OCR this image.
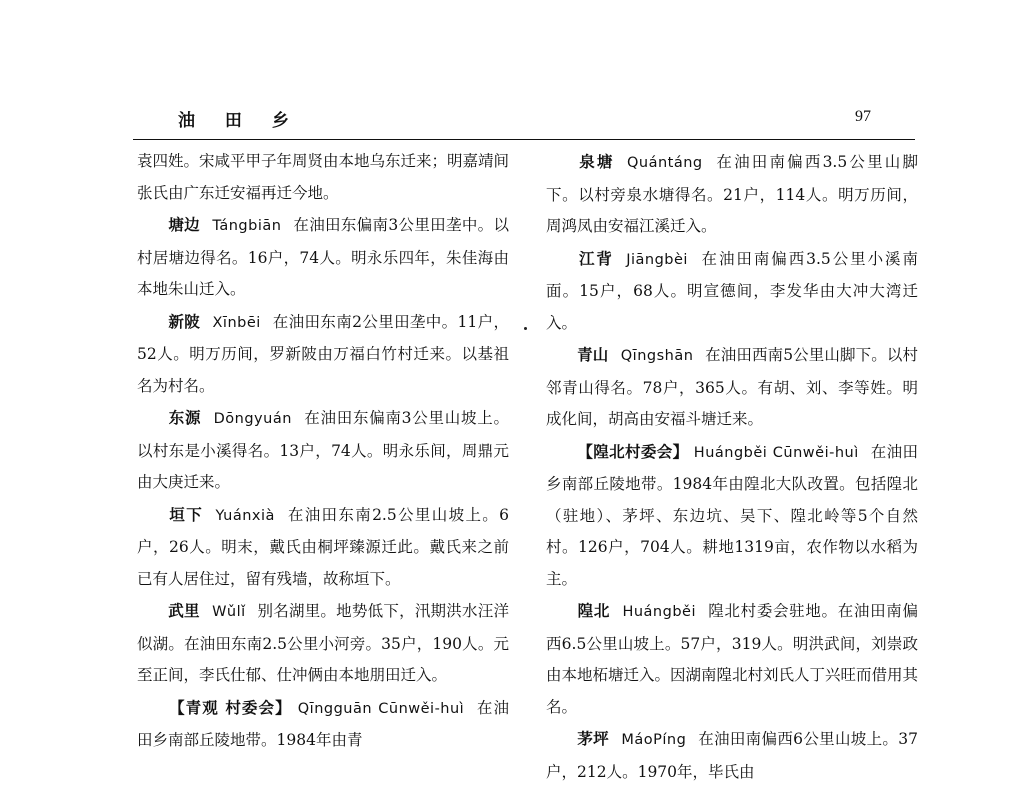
油 田 乡	97

袁四姓。宋咸平甲子年周贤由本地乌东迁来；明嘉靖间张氏由广东迁安福再迁今地。

塘边 Tángbiān 在油田东偏南3公里田垄中。以村居塘边得名。16户，74人。明永乐四年，朱佳海由本地朱山迁入。

新陂 Xīnbēi 在油田东南2公里田垄中。11户，52人。明万历间，罗新陂由万福白竹村迁来。以基祖名为村名。

东源 Dōngyuán 在油田东偏南3公里山坡上。以村东是小溪得名。13户，74人。明永乐间，周鼎元由大庚迁来。

垣下 Yuánxià 在油田东南2.5公里山坡上。6户，26人。明末，戴氏由桐坪臻源迁此。戴氏来之前已有人居住过，留有残墙，故称垣下。

武里 Wǔlǐ 别名湖里。地势低下，汛期洪水汪洋似湖。在油田东南2.5公里小河旁。35户，190人。元至正间，李氏仕郁、仕冲俩由本地朋田迁入。

【青观 村委会】 Qīngguān Cūnwěi-huì 在油田乡南部丘陵地带。1984年由青

泉塘 Quántáng 在油田南偏西3.5公里山脚下。以村旁泉水塘得名。21户，114人。明万历间，周鸿凤由安福江溪迁入。

江背 Jiāngbèi 在油田南偏西3.5公里小溪南面。15户，68人。明宣德间，李发华由大冲大湾迁入。

青山 Qīngshān 在油田西南5公里山脚下。以村邻青山得名。78户，365人。有胡、刘、李等姓。明成化间，胡高由安福斗塘迁来。

【隍北村委会】 Huángběi Cūnwěi-huì 在油田乡南部丘陵地带。1984年由隍北大队改置。包括隍北（驻地）、茅坪、东边坑、吴下、隍北岭等5个自然村。126户，704人。耕地1319亩，农作物以水稻为主。

隍北 Huángběi 隍北村委会驻地。在油田南偏西6.5公里山坡上。57户，319人。明洪武间，刘崇政由本地柘塘迁入。因湖南隍北村刘氏人丁兴旺而借用其名。

茅坪 MáoPíng 在油田南偏西6公里山坡上。37户，212人。1970年，毕氏由
